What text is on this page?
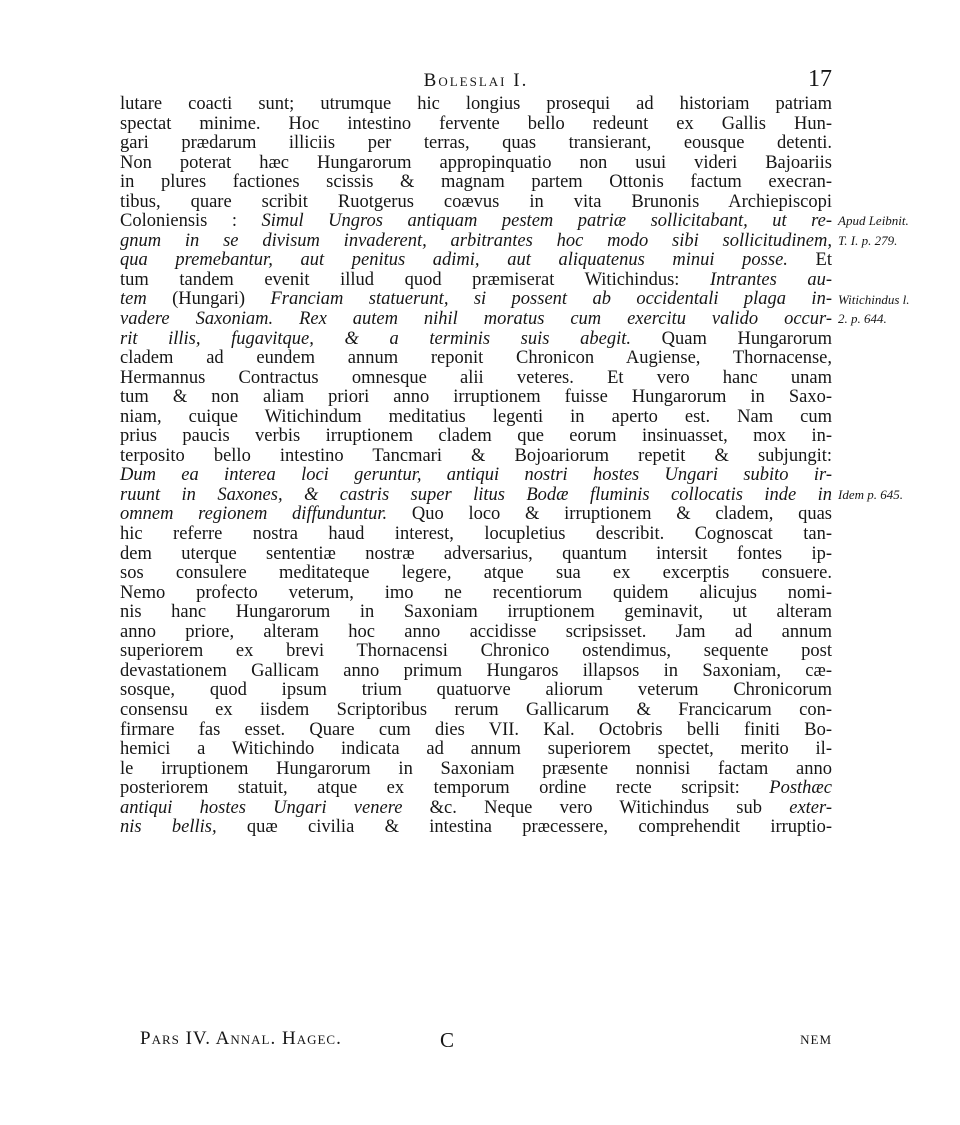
Boleslai I.	17
lutare coacti sunt; utrumque hic longius prosequi ad historiam patriam
spectat minime. Hoc intestino fervente bello redeunt ex Gallis Hun-
gari prædarum illiciis per terras, quas transierant, eousque detenti.
Non poterat hæc Hungarorum appropinquatio non usui videri Bajoariis
in plures factiones scissis & magnam partem Ottonis factum execran-
tibus, quare scribit Ruotgerus coævus in vita Brunonis Archiepiscopi
Coloniensis : Simul Ungros antiquam pestem patriæ sollicitabant, ut re-
gnum in se divisum invaderent, arbitrantes hoc modo sibi sollicitudinem,
qua premebantur, aut penitus adimi, aut aliquatenus minui posse. Et
tum tandem evenit illud quod præmiserat Witichindus: Intrantes au-
tem (Hungari) Franciam statuerunt, si possent ab occidentali plaga in-
vadere Saxoniam. Rex autem nihil moratus cum exercitu valido occur-
rit illis, fugavitque, & a terminis suis abegit. Quam Hungarorum
cladem ad eundem annum reponit Chronicon Augiense, Thornacense,
Hermannus Contractus omnesque alii veteres. Et vero hanc unam
tum & non aliam priori anno irruptionem fuisse Hungarorum in Saxo-
niam, cuique Witichindum meditatius legenti in aperto est. Nam cum
prius paucis verbis irruptionem cladem que eorum insinuasset, mox in-
terposito bello intestino Tancmari & Bojoariorum repetit & subjungit:
Dum ea interea loci geruntur, antiqui nostri hostes Ungari subito ir-
ruunt in Saxones, & castris super litus Bodæ fluminis collocatis inde in
omnem regionem diffunduntur. Quo loco & irruptionem & cladem, quas
hic referre nostra haud interest, locupletius describit. Cognoscat tan-
dem uterque sententiæ nostræ adversarius, quantum intersit fontes ip-
sos consulere meditateque legere, atque sua ex excerptis consuere.
Nemo profecto veterum, imo ne recentiorum quidem alicujus nomi-
nis hanc Hungarorum in Saxoniam irruptionem geminavit, ut alteram
anno priore, alteram hoc anno accidisse scripsisset. Jam ad annum
superiorem ex brevi Thornacensi Chronico ostendimus, sequente post
devastationem Gallicam anno primum Hungaros illapsos in Saxoniam, cæ-
sosque, quod ipsum trium quatuorve aliorum veterum Chronicorum
consensu ex iisdem Scriptoribus rerum Gallicarum & Francicarum con-
firmare fas esset. Quare cum dies VII. Kal. Octobris belli finiti Bo-
hemici a Witichindo indicata ad annum superiorem spectet, merito il-
le irruptionem Hungarorum in Saxoniam præsente nonnisi factam anno
posteriorem statuit, atque ex temporum ordine recte scripsit: Posthæc
antiqui hostes Ungari venere &c. Neque vero Witichindus sub exter-
nis bellis, quæ civilia & intestina præcessere, comprehendit irruptio-
Apud Leibnit.
T. I. p. 279.
Witichindus l.
2. p. 644.
Idem p. 645.
Pars IV. Annal. Hagec.	C	nem
